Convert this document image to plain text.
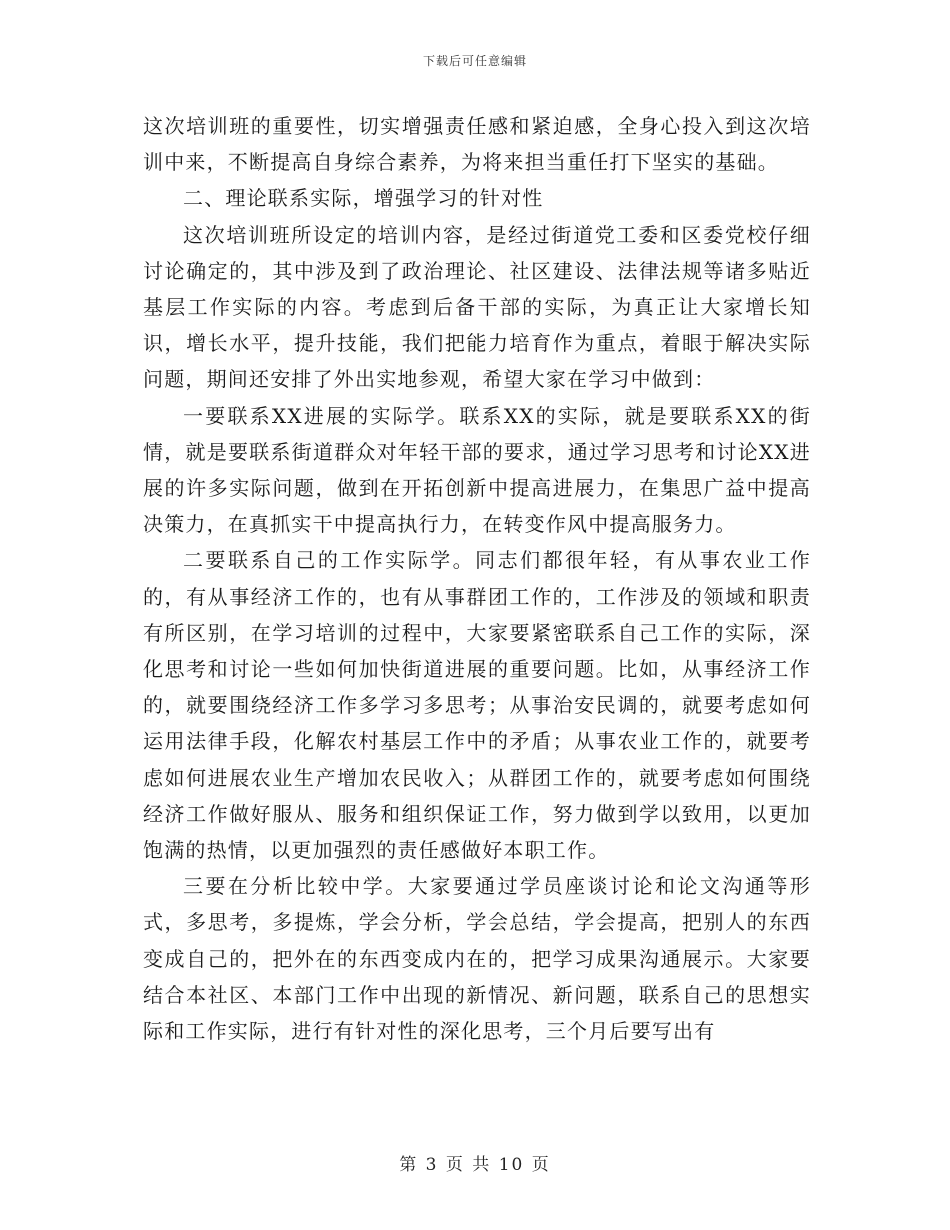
下载后可任意编辑

这次培训班的重要性，切实增强责任感和紧迫感，全身心投入到这次培训中来，不断提高自身综合素养，为将来担当重任打下坚实的基础。

二、理论联系实际，增强学习的针对性

这次培训班所设定的培训内容，是经过街道党工委和区委党校仔细讨论确定的，其中涉及到了政治理论、社区建设、法律法规等诸多贴近基层工作实际的内容。考虑到后备干部的实际，为真正让大家增长知识，增长水平，提升技能，我们把能力培育作为重点，着眼于解决实际问题，期间还安排了外出实地参观，希望大家在学习中做到：

一要联系XX进展的实际学。联系XX的实际，就是要联系XX的街情，就是要联系街道群众对年轻干部的要求，通过学习思考和讨论XX进展的许多实际问题，做到在开拓创新中提高进展力，在集思广益中提高决策力，在真抓实干中提高执行力，在转变作风中提高服务力。

二要联系自己的工作实际学。同志们都很年轻，有从事农业工作的，有从事经济工作的，也有从事群团工作的，工作涉及的领域和职责有所区别，在学习培训的过程中，大家要紧密联系自己工作的实际，深化思考和讨论一些如何加快街道进展的重要问题。比如，从事经济工作的，就要围绕经济工作多学习多思考；从事治安民调的，就要考虑如何运用法律手段，化解农村基层工作中的矛盾；从事农业工作的，就要考虑如何进展农业生产增加农民收入；从群团工作的，就要考虑如何围绕经济工作做好服从、服务和组织保证工作，努力做到学以致用，以更加饱满的热情，以更加强烈的责任感做好本职工作。

三要在分析比较中学。大家要通过学员座谈讨论和论文沟通等形式，多思考，多提炼，学会分析，学会总结，学会提高，把别人的东西变成自己的，把外在的东西变成内在的，把学习成果沟通展示。大家要结合本社区、本部门工作中出现的新情况、新问题，联系自己的思想实际和工作实际，进行有针对性的深化思考，三个月后要写出有

第 3 页 共 10 页
